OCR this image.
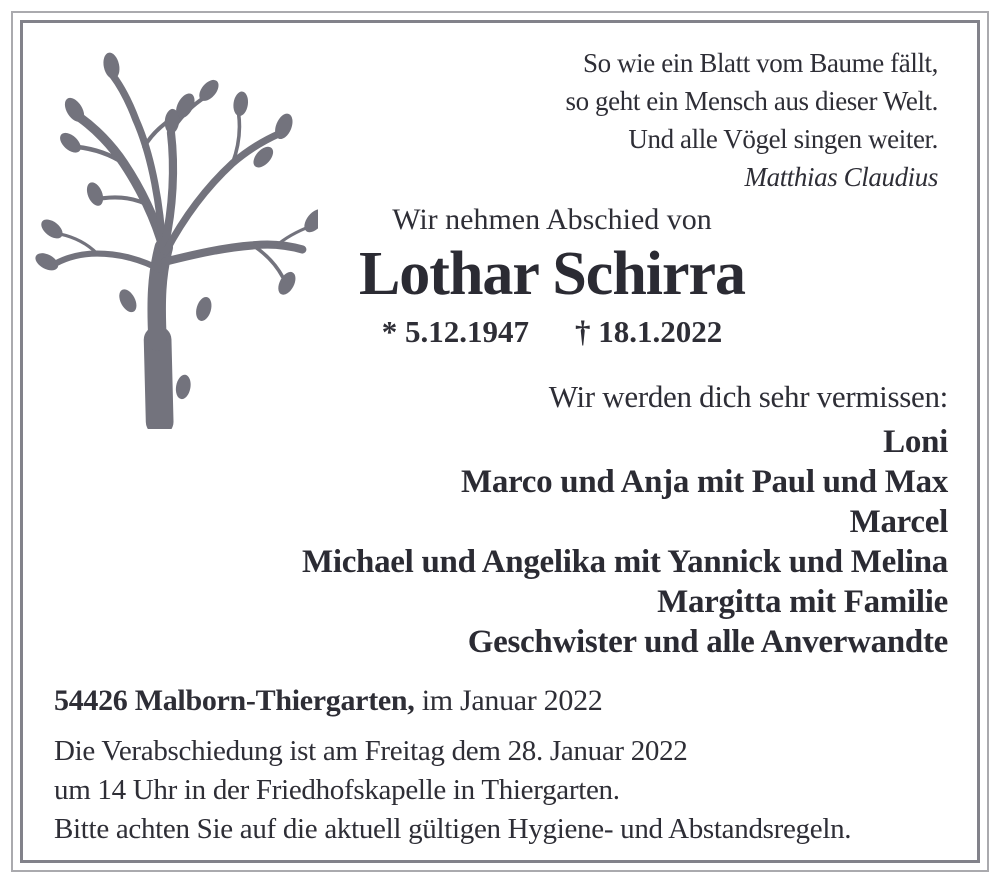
So wie ein Blatt vom Baume fällt,
so geht ein Mensch aus dieser Welt.
Und alle Vögel singen weiter.
Matthias Claudius
Wir nehmen Abschied von
Lothar Schirra
* 5.12.1947 † 18.1.2022
Wir werden dich sehr vermissen:
Loni
Marco und Anja mit Paul und Max
Marcel
Michael und Angelika mit Yannick und Melina
Margitta mit Familie
Geschwister und alle Anverwandte
54426 Malborn-Thiergarten, im Januar 2022
Die Verabschiedung ist am Freitag dem 28. Januar 2022
um 14 Uhr in der Friedhofskapelle in Thiergarten.
Bitte achten Sie auf die aktuell gültigen Hygiene- und Abstandsregeln.
